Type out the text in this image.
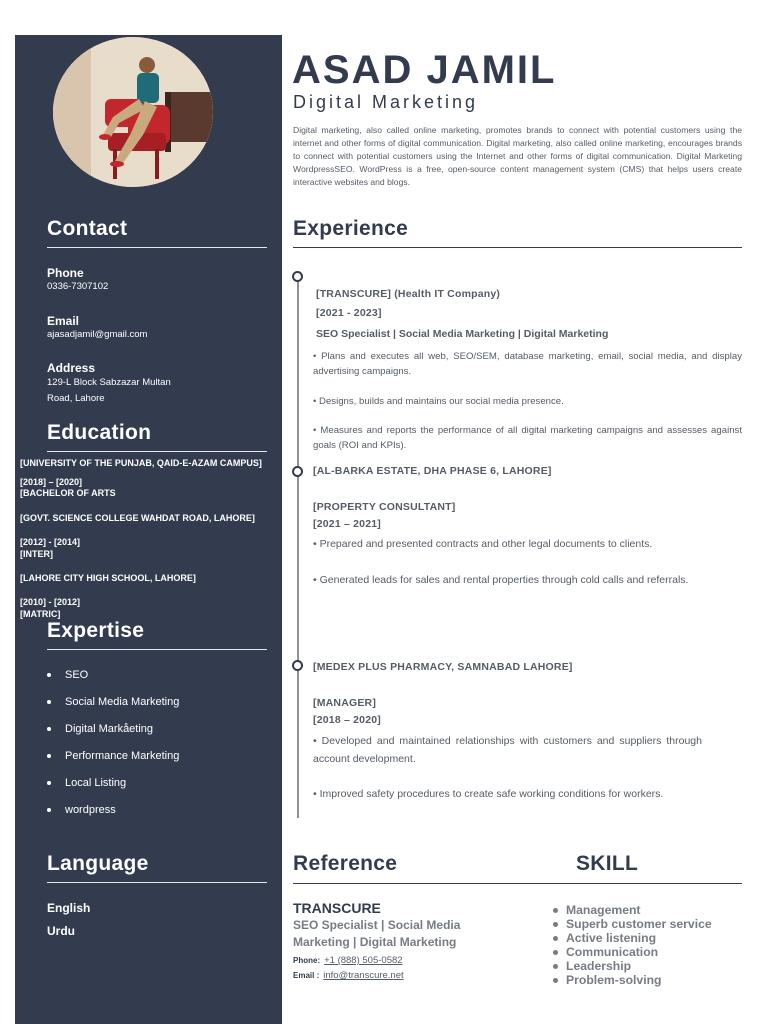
Contact
Phone
0336-7307102
Email
ajasadjamil@gmail.com
Address
129-L Block Sabzazar Multan
Road, Lahore
Education
[UNIVERSITY OF THE PUNJAB, QAID-E-AZAM CAMPUS]
[2018] – [2020]
[BACHELOR OF ARTS
[GOVT. SCIENCE COLLEGE WAHDAT ROAD, LAHORE]
[2012] - [2014]
[INTER]
[LAHORE CITY HIGH SCHOOL, LAHORE]
[2010] - [2012]
[MATRIC]
Expertise
SEO
Social Media Marketing
Digital Markåeting
Performance Marketing
Local Listing
wordpress
Language
English
Urdu
ASAD JAMIL
Digital Marketing
Digital marketing, also called online marketing, promotes brands to connect with potential customers using the internet and other forms of digital communication. Digital marketing, also called online marketing, encourages brands to connect with potential customers using the Internet and other forms of digital communication. Digital Marketing WordpressSEO. WordPress is a free, open-source content management system (CMS) that helps users create interactive websites and blogs.
Experience
[TRANSCURE] (Health IT Company)
[2021 - 2023]
SEO Specialist | Social Media Marketing | Digital Marketing
• Plans and executes all web, SEO/SEM, database marketing, email, social media, and display advertising campaigns.
• Designs, builds and maintains our social media presence.
• Measures and reports the performance of all digital marketing campaigns and assesses against goals (ROI and KPIs).
[AL-BARKA ESTATE, DHA PHASE 6, LAHORE]
[PROPERTY CONSULTANT]
[2021 – 2021]
• Prepared and presented contracts and other legal documents to clients.
• Generated leads for sales and rental properties through cold calls and referrals.
[MEDEX PLUS PHARMACY, SAMNABAD LAHORE]
[MANAGER]
[2018 – 2020]
• Developed and maintained relationships with customers and suppliers through account development.
• Improved safety procedures to create safe working conditions for workers.
Reference	SKILL
TRANSCURE
SEO Specialist | Social Media Marketing | Digital Marketing
Phone: +1 (888) 505-0582
Email : info@transcure.net
Management
Superb customer service
Active listening
Communication
Leadership
Problem-solving
